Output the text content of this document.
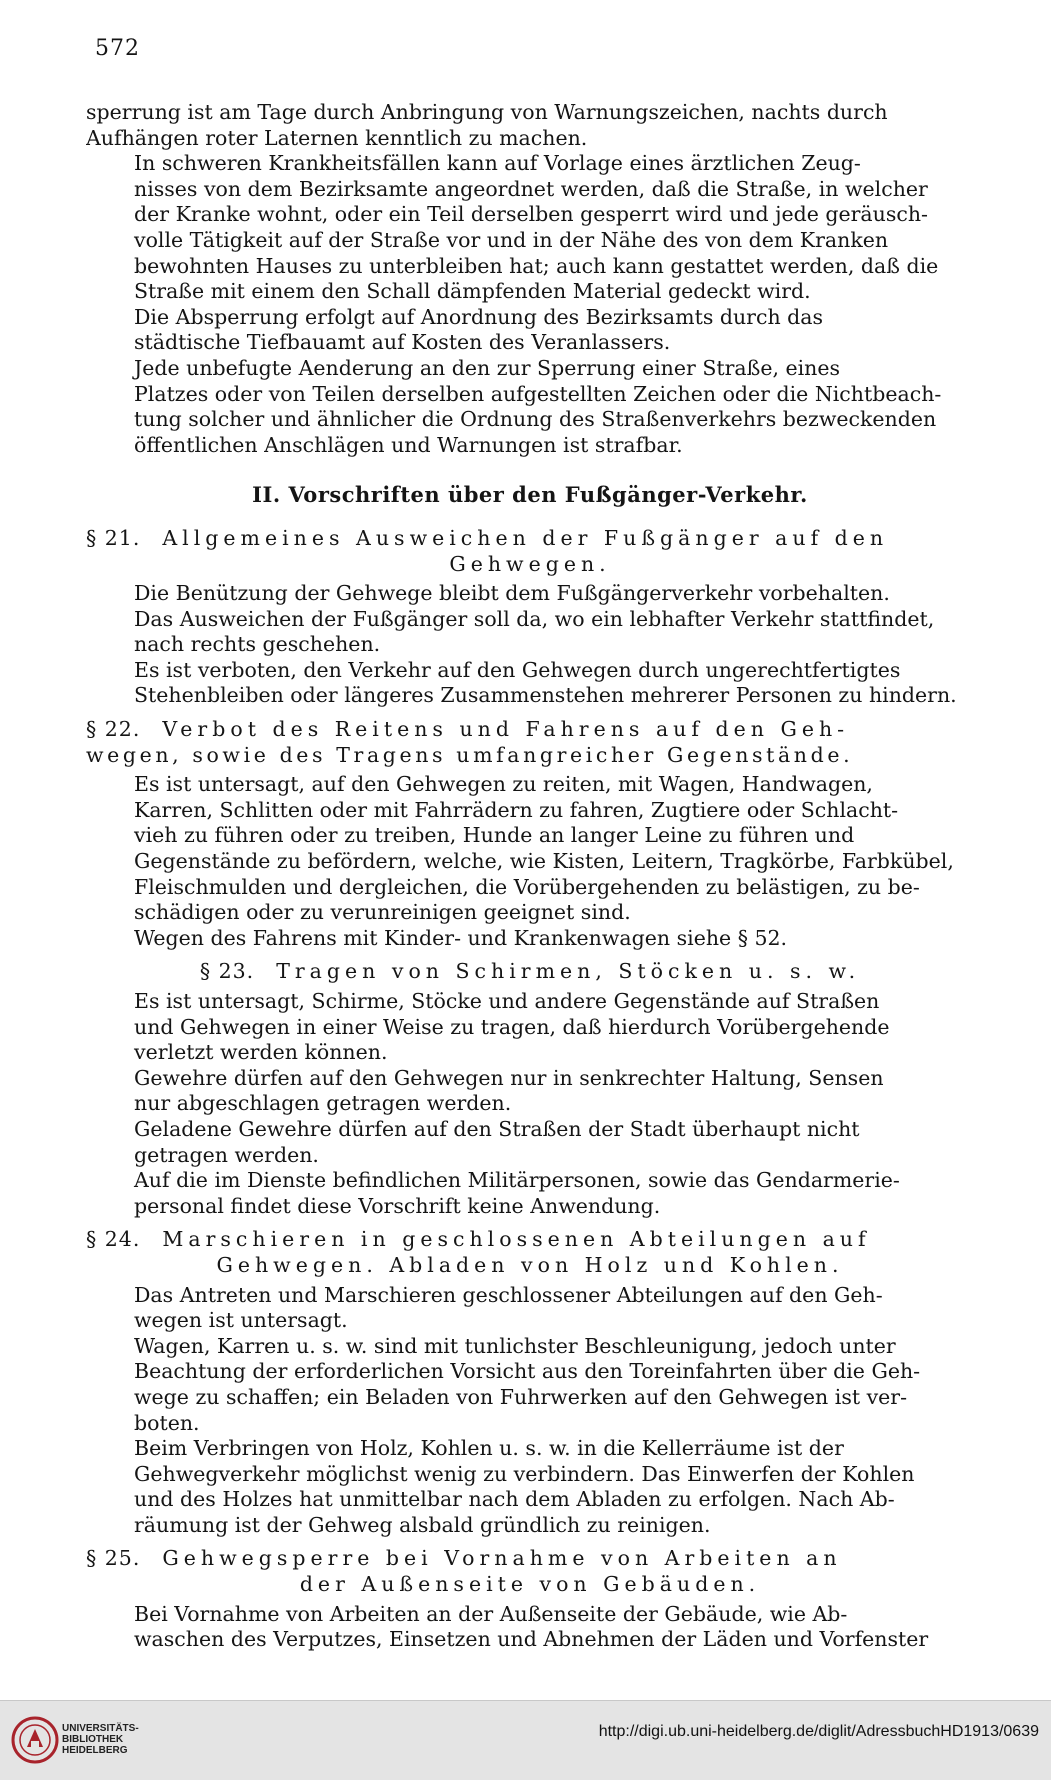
572

sperrung ist am Tage durch Anbringung von Warnungszeichen, nachts durch
Aufhängen roter Laternen kenntlich zu machen.

In schweren Krankheitsfällen kann auf Vorlage eines ärztlichen Zeug-
nisses von dem Bezirksamte angeordnet werden, daß die Straße, in welcher
der Kranke wohnt, oder ein Teil derselben gesperrt wird und jede geräusch-
volle Tätigkeit auf der Straße vor und in der Nähe des von dem Kranken
bewohnten Hauses zu unterbleiben hat; auch kann gestattet werden, daß die
Straße mit einem den Schall dämpfenden Material gedeckt wird.

Die Absperrung erfolgt auf Anordnung des Bezirksamts durch das
städtische Tiefbauamt auf Kosten des Veranlassers.

Jede unbefugte Aenderung an den zur Sperrung einer Straße, eines
Platzes oder von Teilen derselben aufgestellten Zeichen oder die Nichtbeach-
tung solcher und ähnlicher die Ordnung des Straßenverkehrs bezweckenden
öffentlichen Anschlägen und Warnungen ist strafbar.

II. Vorschriften über den Fußgänger-Verkehr.
§ 21. Allgemeines Ausweichen der Fußgänger auf den
Gehwegen.

Die Benützung der Gehwege bleibt dem Fußgängerverkehr vorbehalten.
Das Ausweichen der Fußgänger soll da, wo ein lebhafter Verkehr stattfindet,
nach rechts geschehen.

Es ist verboten, den Verkehr auf den Gehwegen durch ungerechtfertigtes
Stehenbleiben oder längeres Zusammenstehen mehrerer Personen zu hindern.

§ 22. Verbot des Reitens und Fahrens auf den Geh-
wegen, sowie des Tragens umfangreicher Gegenstände.

Es ist untersagt, auf den Gehwegen zu reiten, mit Wagen, Handwagen,
Karren, Schlitten oder mit Fahrrädern zu fahren, Zugtiere oder Schlacht-
vieh zu führen oder zu treiben, Hunde an langer Leine zu führen und
Gegenstände zu befördern, welche, wie Kisten, Leitern, Tragkörbe, Farbkübel,
Fleischmulden und dergleichen, die Vorübergehenden zu belästigen, zu be-
schädigen oder zu verunreinigen geeignet sind.

Wegen des Fahrens mit Kinder- und Krankenwagen siehe § 52.

§ 23. Tragen von Schirmen, Stöcken u. s. w.

Es ist untersagt, Schirme, Stöcke und andere Gegenstände auf Straßen
und Gehwegen in einer Weise zu tragen, daß hierdurch Vorübergehende
verletzt werden können.

Gewehre dürfen auf den Gehwegen nur in senkrechter Haltung, Sensen
nur abgeschlagen getragen werden.

Geladene Gewehre dürfen auf den Straßen der Stadt überhaupt nicht
getragen werden.

Auf die im Dienste befindlichen Militärpersonen, sowie das Gendarmerie-
personal findet diese Vorschrift keine Anwendung.

§ 24. Marschieren in geschlossenen Abteilungen auf
Gehwegen. Abladen von Holz und Kohlen.

Das Antreten und Marschieren geschlossener Abteilungen auf den Geh-
wegen ist untersagt.

Wagen, Karren u. s. w. sind mit tunlichster Beschleunigung, jedoch unter
Beachtung der erforderlichen Vorsicht aus den Toreinfahrten über die Geh-
wege zu schaffen; ein Beladen von Fuhrwerken auf den Gehwegen ist ver-
boten.

Beim Verbringen von Holz, Kohlen u. s. w. in die Kellerräume ist der
Gehwegverkehr möglichst wenig zu verbindern. Das Einwerfen der Kohlen
und des Holzes hat unmittelbar nach dem Abladen zu erfolgen. Nach Ab-
räumung ist der Gehweg alsbald gründlich zu reinigen.

§ 25. Gehwegsperre bei Vornahme von Arbeiten an
der Außenseite von Gebäuden.

Bei Vornahme von Arbeiten an der Außenseite der Gebäude, wie Ab-
waschen des Verputzes, Einsetzen und Abnehmen der Läden und Vorfenster

UNIVERSITÄTS-
BIBLIOTHEK
HEIDELBERG
http://digi.ub.uni-heidelberg.de/diglit/AdressbuchHD1913/0639
